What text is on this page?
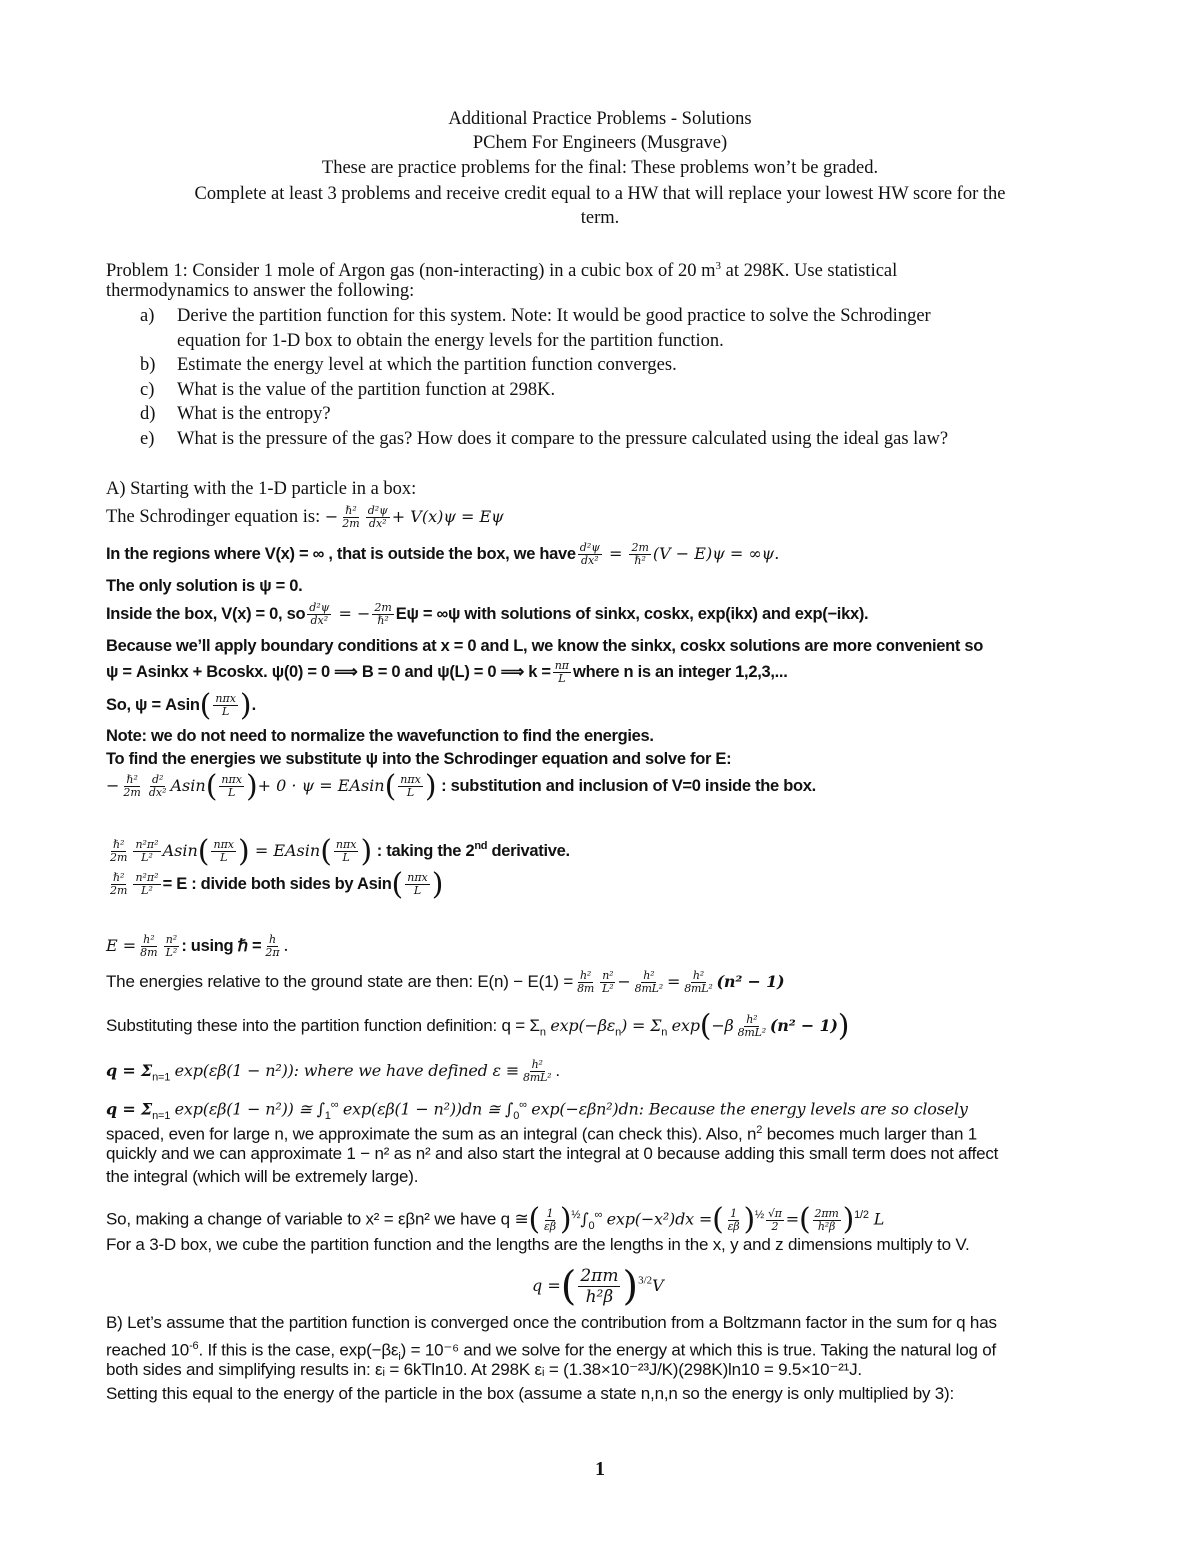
Additional Practice Problems - Solutions
PChem For Engineers (Musgrave)
These are practice problems for the final: These problems won’t be graded.
Complete at least 3 problems and receive credit equal to a HW that will replace your lowest HW score for the
term.
Problem 1: Consider 1 mole of Argon gas (non-interacting) in a cubic box of 20 $m^3$ at 298K. Use statistical
thermodynamics to answer the following:
a) Derive the partition function for this system. Note: It would be good practice to solve the Schrodinger
equation for 1-D box to obtain the energy levels for the partition function.
b) Estimate the energy level at which the partition function converges.
c) What is the value of the partition function at 298K.
d) What is the entropy?
e) What is the pressure of the gas? How does it compare to the pressure calculated using the ideal gas law?
A) Starting with the 1-D particle in a box:
The Schrodinger equation is: − $\frac{\text{ℏ²}}{2m} \frac{\text{d²ψ}}{\text{dx²}} + V(x)\psi = E\psi$
In the regions where V(x) = ∞ , that is outside the box, we have $\frac{\text{d²ψ}}{\text{dx²}} = \frac{2m}{\text{ℏ²}} (V - E)\psi = \infty\psi$.
The only solution is ψ = 0.
Inside the box, V(x) = 0, so $\frac{\text{d²ψ}}{\text{dx²}}$ = − $\frac{2m}{\text{ℏ²}}$ Eψ = ∞ψ with solutions of sinkx, coskx, exp(ikx) and exp(−ikx).
Because we’ll apply boundary conditions at x = 0 and L, we know the sinkx, coskx solutions are more convenient so
ψ = Asinkx + Bcoskx. ψ(0) = 0 ⟹ B = 0 and ψ(L) = 0 ⟹ $k = \frac{n\pi}{L}$ where n is an integer 1,2,3,...
So, $\psi = Asin( \frac{\text{nπx}}{L}$ ).
Note: we do not need to normalize the wavefunction to find the energies.
To find the energies we substitute ψ into the Schrodinger equation and solve for E:
− $\frac{\text{ℏ²}}{2m} \frac{\text{d²}}{\text{dx²}} Asin( \frac{\text{nπx}}{L}$ )+ $0 \cdot \psi = EAsin( \frac{\text{nπx}}{L}$ ) : substitution and inclusion of V=0 inside the box.
$\frac{\text{ℏ²}}{2m} \frac{\text{n²π²}}{\text{L²}} Asin( \frac{\text{nπx}}{L}$ ) = $EAsin( \frac{\text{nπx}}{L}$ ) : taking the 2nd derivative.
$\frac{\text{ℏ²}}{2m} \frac{\text{n²π²}}{\text{L²}} = E$ : divide both sides by $Asin( \frac{\text{nπx}}{L}$ )
$E = \frac{\text{h²}}{8m} \frac{\text{n²}}{\text{L²}}$ : using ℏ = $\frac{h}{2\pi}$ .
The energies relative to the ground state are then: $E(n) - E(1) = \frac{\text{h²}}{8m} \frac{\text{n²}}{\text{L²}} - \frac{\text{h²}}{\text{8mL²}} = \frac{\text{h²}}{\text{8mL²}} (n^2 - 1)$
Substituting these into the partition function definition: $q = \Sigma_n$ $\exp(-\beta\varepsilon_n) = \Sigma_n$ $\exp(-\beta \frac{\text{h²}}{\text{8mL²}} (n^2 - 1))$
$q = \Sigma_{n=1}$ exp(εβ(1 − n²)): where we have defined $\varepsilon \equiv \frac{\text{h²}}{\text{8mL²}}$ .
$q = \Sigma_{n=1}$ exp(εβ(1 − n²)) ≅ $\int_1^\infty$ exp(εβ(1 − n²))dn ≅ $\int_0^\infty$ exp(−εβn²)dn: Because the energy levels are so closely
spaced, even for large n, we approximate the sum as an integral (can check this). Also, $n^2$ becomes much larger than 1
quickly and we can approximate 1 − n² as n² and also start the integral at 0 because adding this small term does not affect
the integral (which will be extremely large).
So, making a change of variable to x² = εβn² we have q ≅( $\frac{1}{\varepsilon\beta} )^{\frac{1}{2}}\int_0^\infty$ exp(−x²)dx =( $\frac{1}{\varepsilon\beta} )^{\frac{1}{2}} \frac{√\pi}{2}$ =( $\frac{2\pi m}{\text{h²β}} )^{1/2}$ L
For a 3-D box, we cube the partition function and the lengths are the lengths in the x, y and z dimensions multiply to V.
q =( $\frac{2\pi m}{\text{h²β}} )^{3/2}V$
B) Let’s assume that the partition function is converged once the contribution from a Boltzmann factor in the sum for q has
reached $10^{-6}$. If this is the case, $\exp(-\beta\varepsilon_i) = 10^{-6}$ and we solve for the energy at which this is true. Taking the natural log of
both sides and simplifying results in: εᵢ = 6kTln10. At 298K εᵢ = (1.38×10⁻²³J/K)(298K)ln10 = 9.5×10⁻²¹J.
Setting this equal to the energy of the particle in the box (assume a state n,n,n so the energy is only multiplied by 3):
1
